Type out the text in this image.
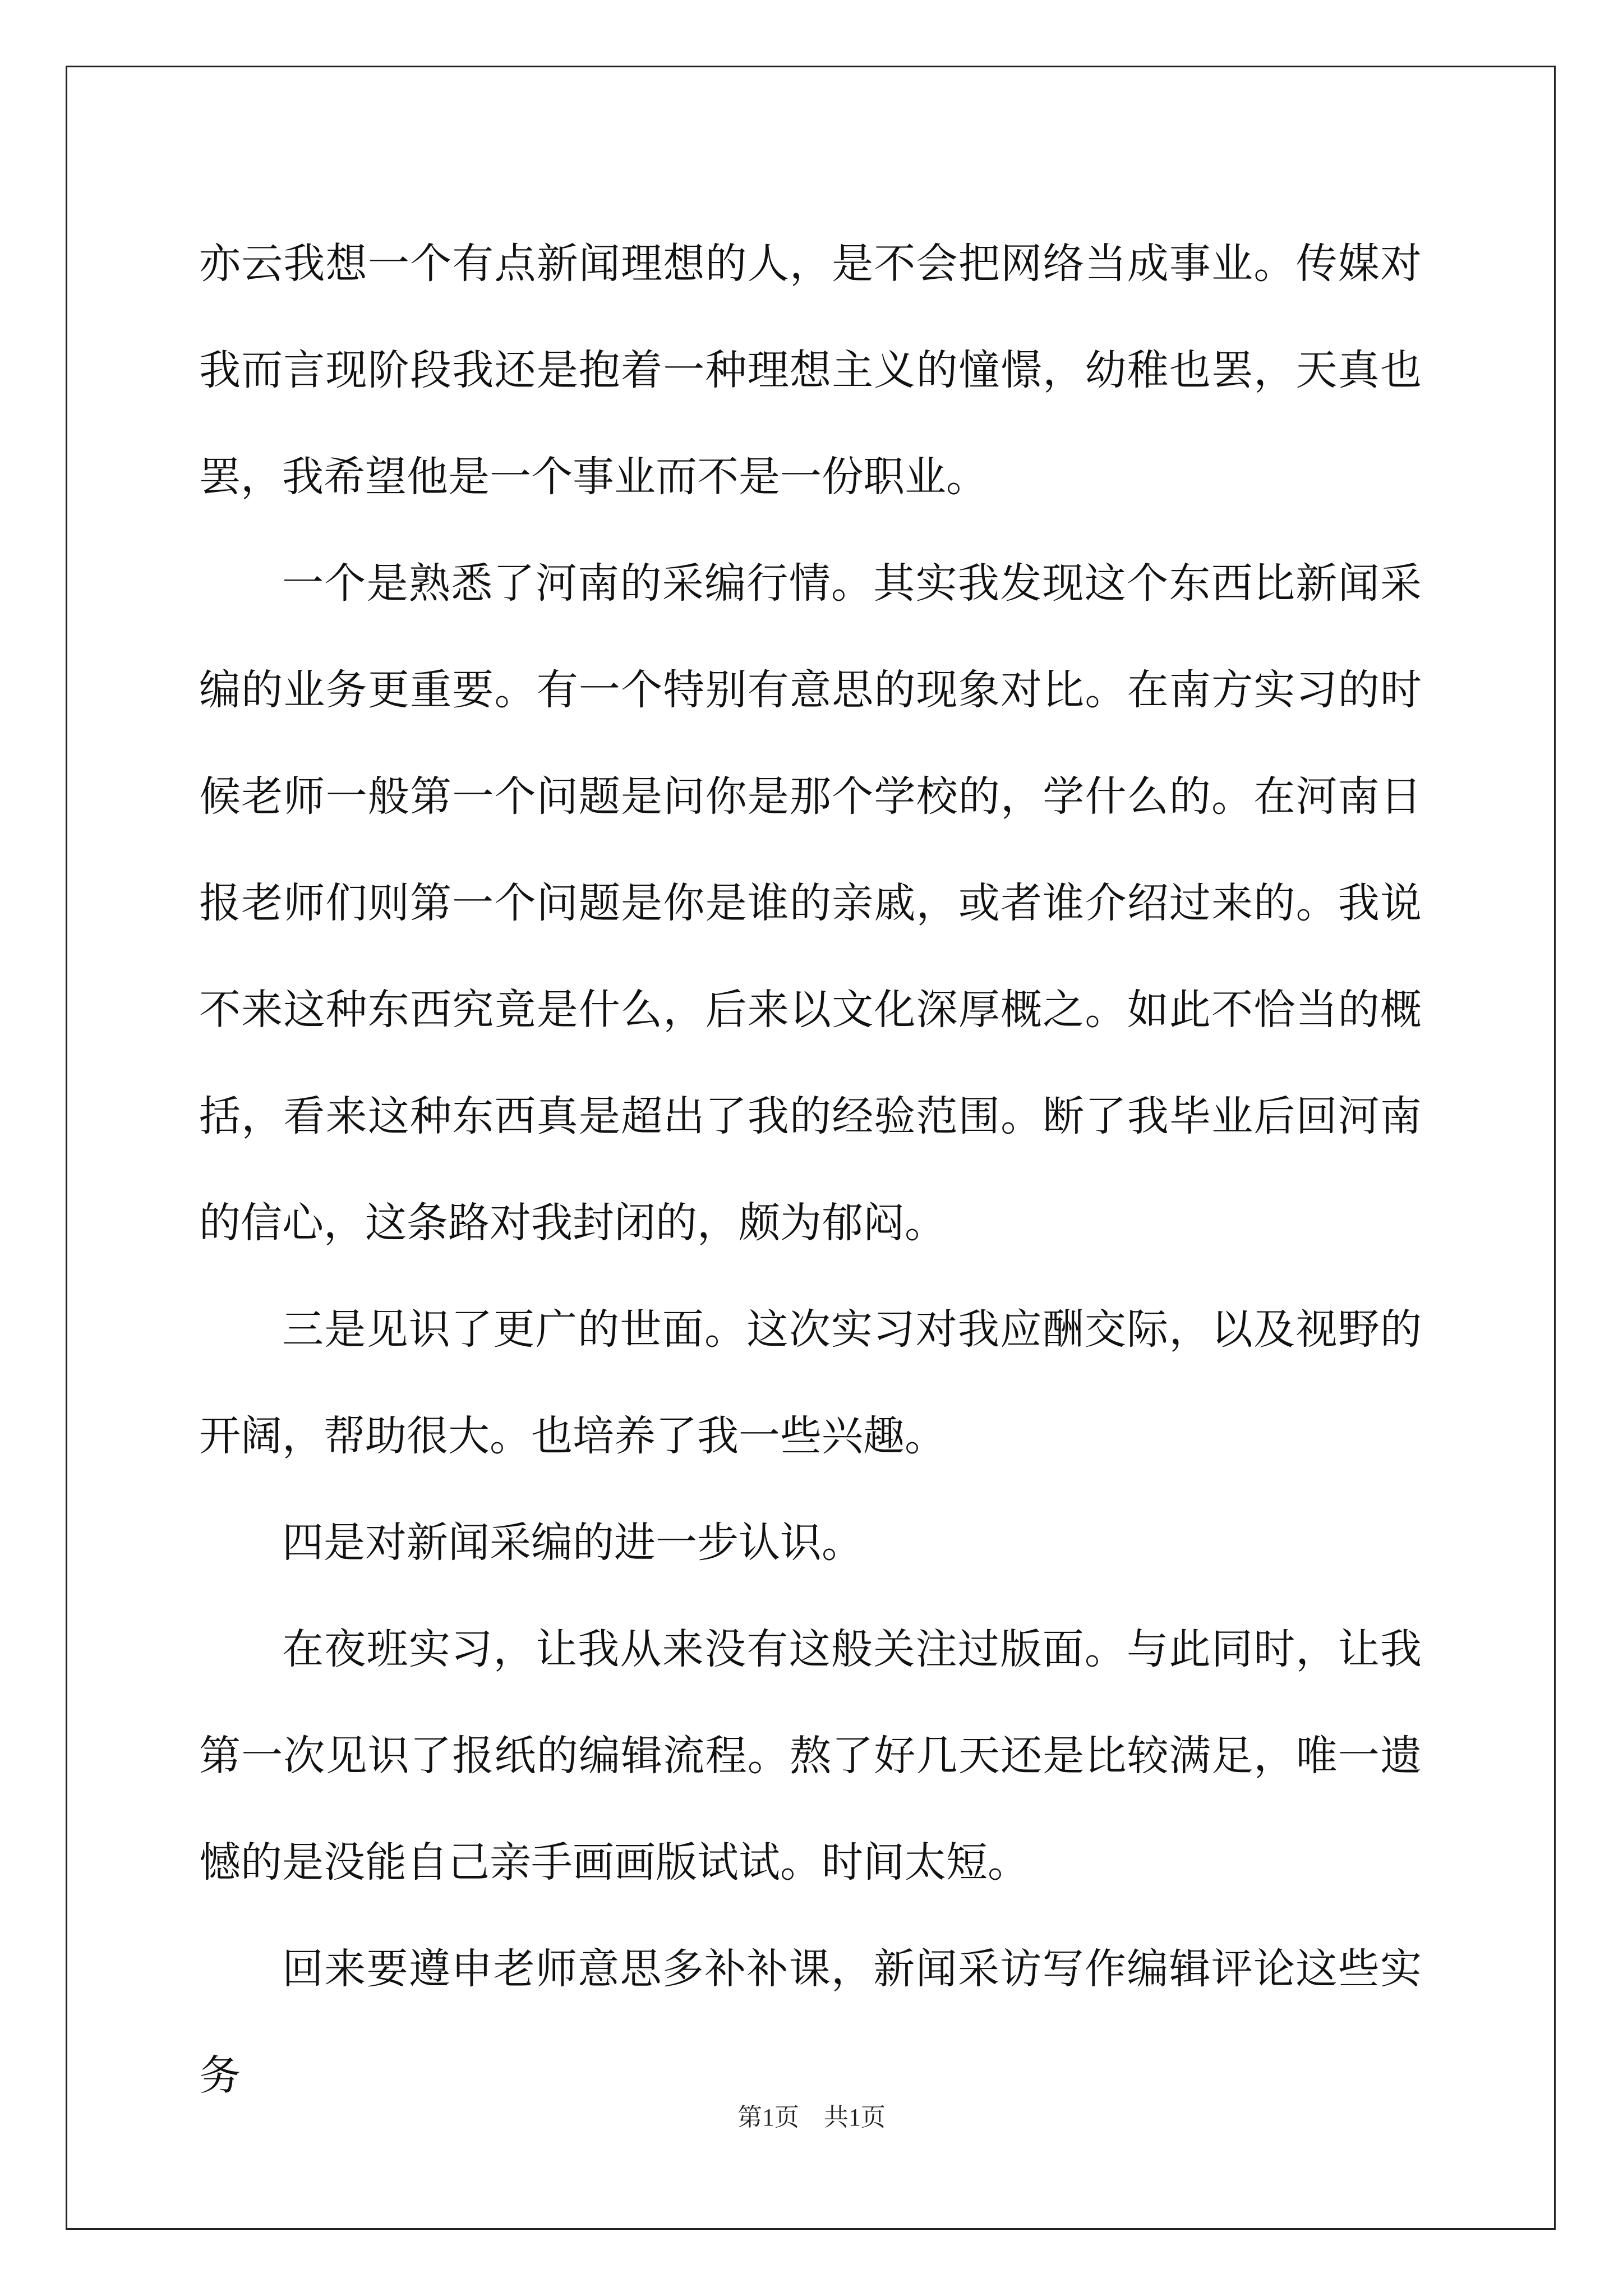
亦云我想一个有点新闻理想的人，是不会把网络当成事业。传媒对我而言现阶段我还是抱着一种理想主义的憧憬，幼稚也罢，天真也罢，我希望他是一个事业而不是一份职业。

一个是熟悉了河南的采编行情。其实我发现这个东西比新闻采编的业务更重要。有一个特别有意思的现象对比。在南方实习的时候老师一般第一个问题是问你是那个学校的，学什么的。在河南日报老师们则第一个问题是你是谁的亲戚，或者谁介绍过来的。我说不来这种东西究竟是什么，后来以文化深厚概之。如此不恰当的概括，看来这种东西真是超出了我的经验范围。断了我毕业后回河南的信心，这条路对我封闭的，颇为郁闷。

三是见识了更广的世面。这次实习对我应酬交际，以及视野的开阔，帮助很大。也培养了我一些兴趣。

四是对新闻采编的进一步认识。

在夜班实习，让我从来没有这般关注过版面。与此同时，让我第一次见识了报纸的编辑流程。熬了好几天还是比较满足，唯一遗憾的是没能自己亲手画画版试试。时间太短。

回来要遵申老师意思多补补课，新闻采访写作编辑评论这些实务

第1页    共1页
